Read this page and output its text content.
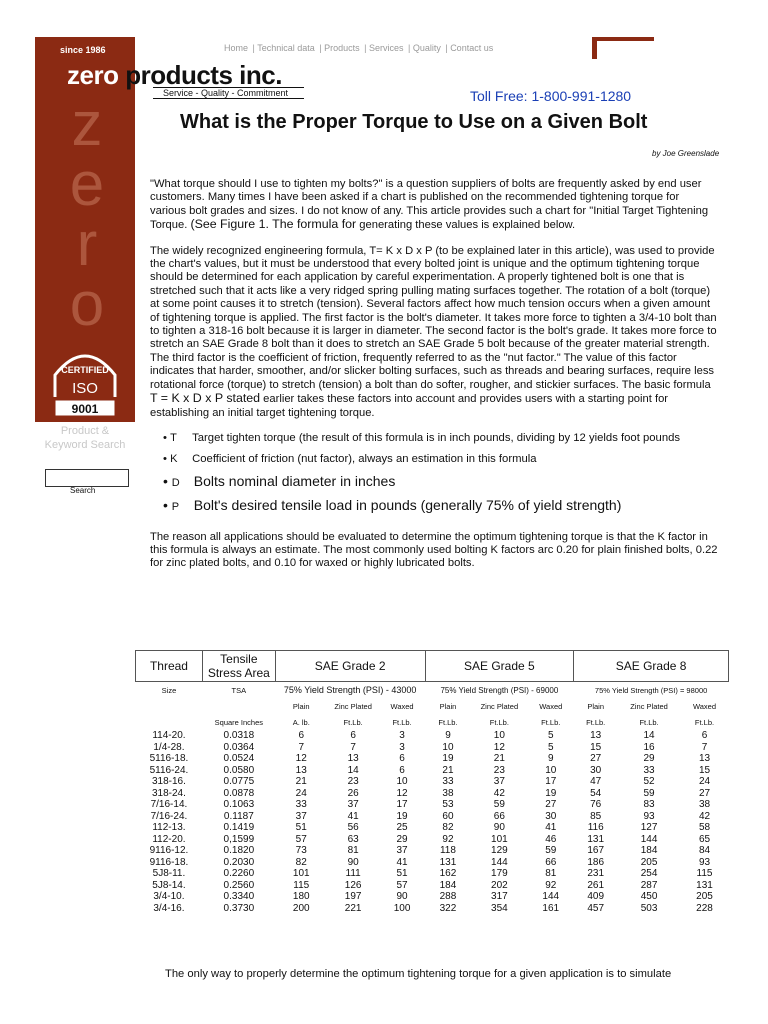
since 1986
z
e
r
o
CERTIFIED
ISO
9001
Home | Technical data | Products | Services | Quality | Contact us
zero products inc.
Service - Quality - Commitment	Toll Free: 1-800-991-1280
What is the Proper Torque to Use on a Given Bolt
by Joe Greenslade
Product &
Keyword Search
Search

"What torque should I use to tighten my bolts?" is a question suppliers of bolts are frequently asked by end user customers. Many times I have been asked if a chart is published on the recommended tightening torque for various bolt grades and sizes. I do not know of any. This article provides such a chart for "Initial Target Tightening Torque. (See Figure 1. The formula for generating these values is explained below.

The widely recognized engineering formula, T= K x D x P (to be explained later in this article), was used to provide the chart's values, but it must be understood that every bolted joint is unique and the optimum tightening torque should be determined for each application by careful experimentation. A properly tightened bolt is one that is stretched such that it acts like a very ridged spring pulling mating surfaces together. The rotation of a bolt (torque) at some point causes it to stretch (tension). Several factors affect how much tension occurs when a given amount of tightening torque is applied. The first factor is the bolt's diameter. It takes more force to tighten a 3/4-10 bolt than to tighten a 318-16 bolt because it is larger in diameter. The second factor is the bolt's grade. It takes more force to stretch an SAE Grade 8 bolt than it does to stretch an SAE Grade 5 bolt because of the greater material strength. The third factor is the coefficient of friction, frequently referred to as the "nut factor." The value of this factor indicates that harder, smoother, and/or slicker bolting surfaces, such as threads and bearing surfaces, require less rotational force (torque) to stretch (tension) a bolt than do softer, rougher, and stickier surfaces. The basic formula T = K x D x P stated earlier takes these factors into account and provides users with a starting point for establishing an initial target tightening torque.

• T Target tighten torque (the result of this formula is in inch pounds, dividing by 12 yields foot pounds
• K Coefficient of friction (nut factor), always an estimation in this formula
• D Bolts nominal diameter in inches
• P Bolt's desired tensile load in pounds (generally 75% of yield strength)

The reason all applications should be evaluated to determine the optimum tightening torque is that the K factor in this formula is always an estimate. The most commonly used bolting K factors arc 0.20 for plain finished bolts, 0.22 for zinc plated bolts, and 0.10 for waxed or highly lubricated bolts.

Thread	Tensile Stress Area	SAE Grade 2			SAE Grade 5			SAE Grade 8		
Size	TSA	75% Yield Strength (PSI) - 43000			75% Yield Strength (PSI) - 69000			75% Yield Strength (PSI) = 98000		
		Plain	Zinc Plated	Waxed	Plain	Zinc Plated	Waxed	Plain	Zinc Plated	Waxed
	Square Inches	A. lb.	Ft.Lb.	Ft.Lb.	Ft.Lb.	Ft.Lb.	Ft.Lb.	Ft.Lb.	Ft.Lb.	Ft.Lb.
114-20.	0.0318	6	6	3	9	10	5	13	14	6
1/4-28.	0.0364	7	7	3	10	12	5	15	16	7
5116-18.	0.0524	12	13	6	19	21	9	27	29	13
5116-24.	0.0580	13	14	6	21	23	10	30	33	15
318-16.	0.0775	21	23	10	33	37	17	47	52	24
318-24.	0.0878	24	26	12	38	42	19	54	59	27
7/16-14.	0.1063	33	37	17	53	59	27	76	83	38
7/16-24.	0.1187	37	41	19	60	66	30	85	93	42
112-13.	0.1419	51	56	25	82	90	41	116	127	58
112-20.	0,1599	57	63	29	92	101	46	131	144	65
9116-12.	0.1820	73	81	37	118	129	59	167	184	84
9116-18.	0.2030	82	90	41	131	144	66	186	205	93
5J8-11.	0.2260	101	111	51	162	179	81	231	254	115
5J8-14.	0.2560	115	126	57	184	202	92	261	287	131
3/4-10.	0.3340	180	197	90	288	317	144	409	450	205
3/4-16.	0.3730	200	221	100	322	354	161	457	503	228
The only way to properly determine the optimum tightening torque for a given application is to simulate
